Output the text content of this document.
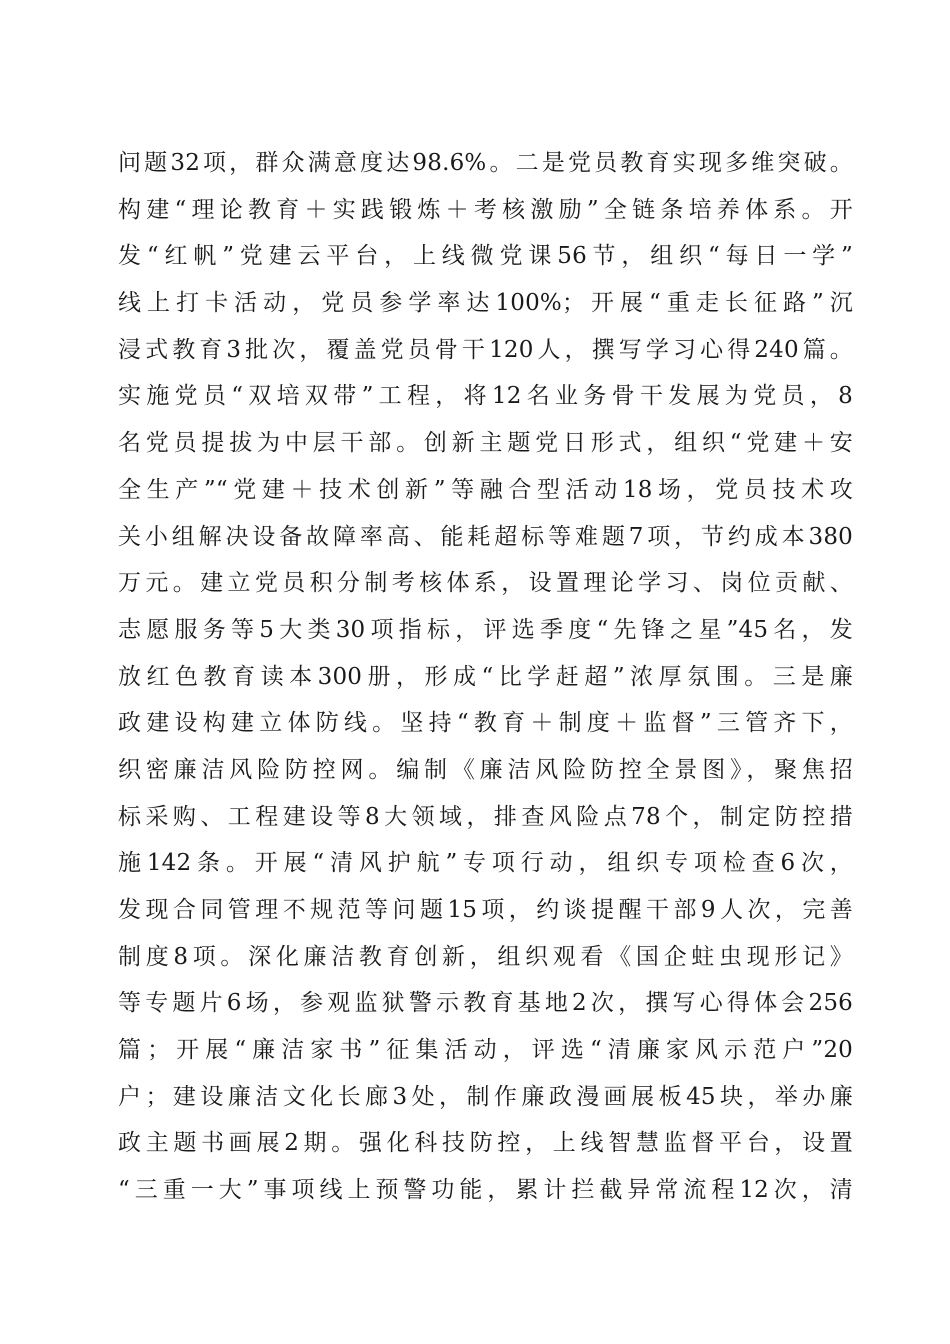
问题32项，群众满意度达98.6%。二是党员教育实现多维突破。
构建“理论教育＋实践锻炼＋考核激励”全链条培养体系。开
发“红帆”党建云平台，上线微党课56节，组织“每日一学”
线上打卡活动，党员参学率达100%；开展“重走长征路”沉
浸式教育3批次，覆盖党员骨干120人，撰写学习心得240篇。
实施党员“双培双带”工程，将12名业务骨干发展为党员，8
名党员提拔为中层干部。创新主题党日形式，组织“党建＋安
全生产”“党建＋技术创新”等融合型活动18场，党员技术攻
关小组解决设备故障率高、能耗超标等难题7项，节约成本380
万元。建立党员积分制考核体系，设置理论学习、岗位贡献、
志愿服务等5大类30项指标，评选季度“先锋之星”45名，发
放红色教育读本300册，形成“比学赶超”浓厚氛围。三是廉
政建设构建立体防线。坚持“教育＋制度＋监督”三管齐下，
织密廉洁风险防控网。编制《廉洁风险防控全景图》，聚焦招
标采购、工程建设等8大领域，排查风险点78个，制定防控措
施142条。开展“清风护航”专项行动，组织专项检查6次，
发现合同管理不规范等问题15项，约谈提醒干部9人次，完善
制度8项。深化廉洁教育创新，组织观看《国企蛀虫现形记》
等专题片6场，参观监狱警示教育基地2次，撰写心得体会256
篇；开展“廉洁家书”征集活动，评选“清廉家风示范户”20
户；建设廉洁文化长廊3处，制作廉政漫画展板45块，举办廉
政主题书画展2期。强化科技防控，上线智慧监督平台，设置
“三重一大”事项线上预警功能，累计拦截异常流程12次，清
